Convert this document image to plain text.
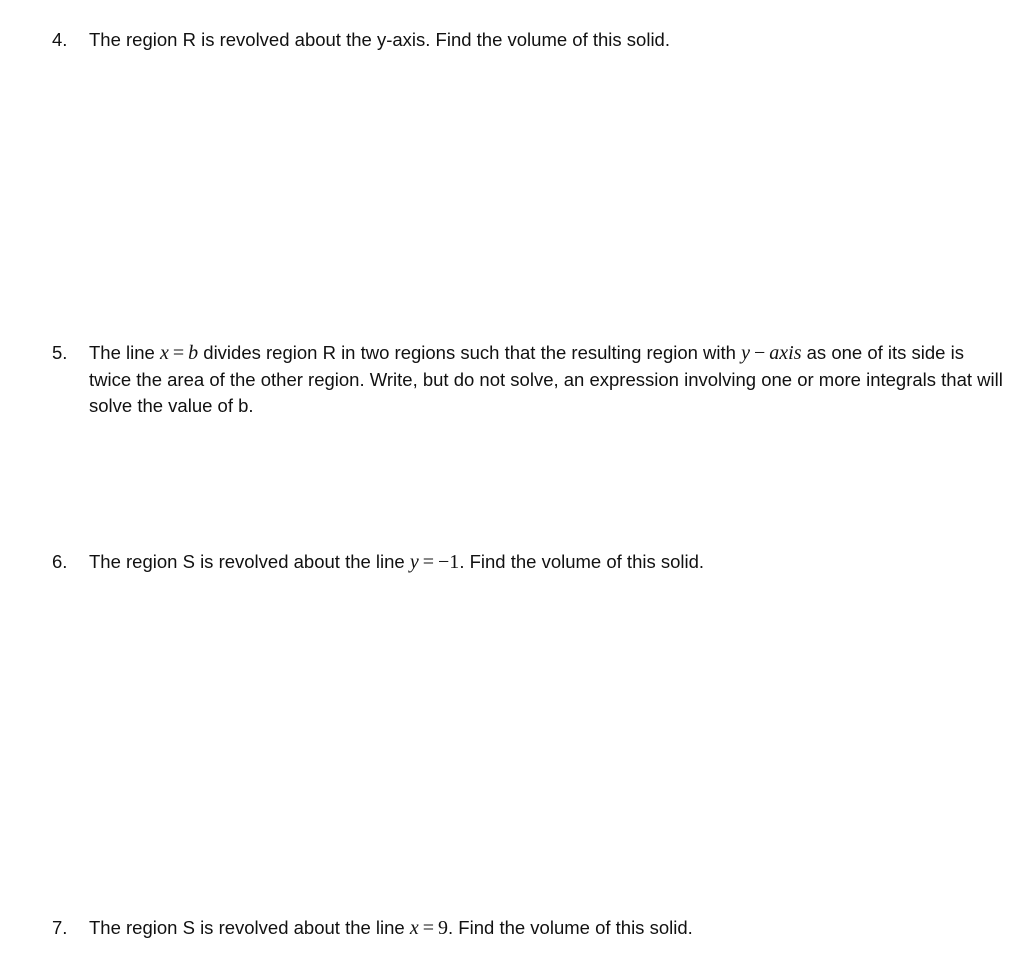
4.	The region R is revolved about the y-axis. Find the volume of this solid.
5.	The line x = b divides region R in two regions such that the resulting region with y − axis as one of its side is twice the area of the other region. Write, but do not solve, an expression involving one or more integrals that will solve the value of b.
6.	The region S is revolved about the line y = −1. Find the volume of this solid.
7.	The region S is revolved about the line x = 9. Find the volume of this solid.
